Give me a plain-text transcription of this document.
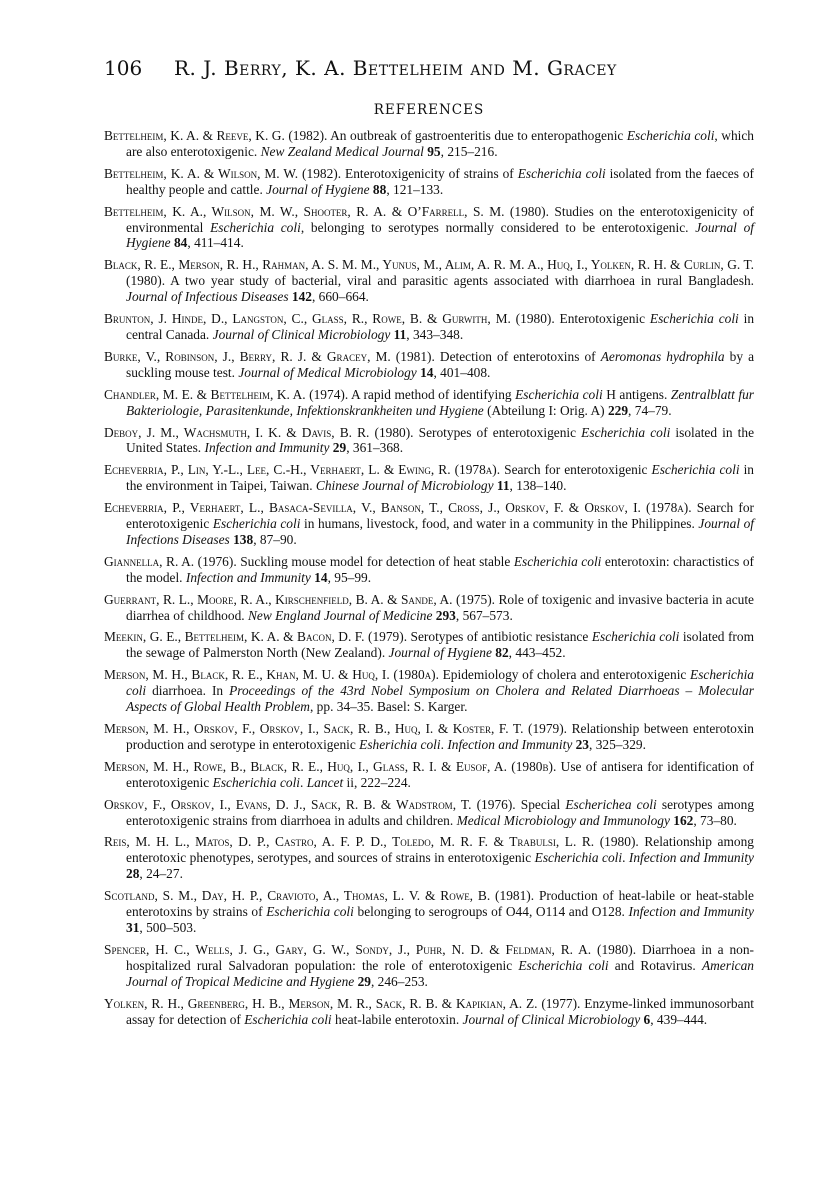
106 R. J. Berry, K. A. Bettelheim and M. Gracey
REFERENCES

Bettelheim, K. A. & Reeve, K. G. (1982). An outbreak of gastroenteritis due to enteropathogenic Escherichia coli, which are also enterotoxigenic. New Zealand Medical Journal 95, 215–216.

Bettelheim, K. A. & Wilson, M. W. (1982). Enterotoxigenicity of strains of Escherichia coli isolated from the faeces of healthy people and cattle. Journal of Hygiene 88, 121–133.

Bettelheim, K. A., Wilson, M. W., Shooter, R. A. & O’Farrell, S. M. (1980). Studies on the enterotoxigenicity of environmental Escherichia coli, belonging to serotypes normally considered to be enterotoxigenic. Journal of Hygiene 84, 411–414.

Black, R. E., Merson, R. H., Rahman, A. S. M. M., Yunus, M., Alim, A. R. M. A., Huq, I., Yolken, R. H. & Curlin, G. T. (1980). A two year study of bacterial, viral and parasitic agents associated with diarrhoea in rural Bangladesh. Journal of Infectious Diseases 142, 660–664.

Brunton, J. Hinde, D., Langston, C., Glass, R., Rowe, B. & Gurwith, M. (1980). Enterotoxigenic Escherichia coli in central Canada. Journal of Clinical Microbiology 11, 343–348.

Burke, V., Robinson, J., Berry, R. J. & Gracey, M. (1981). Detection of enterotoxins of Aeromonas hydrophila by a suckling mouse test. Journal of Medical Microbiology 14, 401–408.

Chandler, M. E. & Bettelheim, K. A. (1974). A rapid method of identifying Escherichia coli H antigens. Zentralblatt fur Bakteriologie, Parasitenkunde, Infektionskrankheiten und Hygiene (Abteilung I: Orig. A) 229, 74–79.

Deboy, J. M., Wachsmuth, I. K. & Davis, B. R. (1980). Serotypes of enterotoxigenic Escherichia coli isolated in the United States. Infection and Immunity 29, 361–368.

Echeverria, P., Lin, Y.-L., Lee, C.-H., Verhaert, L. & Ewing, R. (1978a). Search for enterotoxigenic Escherichia coli in the environment in Taipei, Taiwan. Chinese Journal of Microbiology 11, 138–140.

Echeverria, P., Verhaert, L., Basaca-Sevilla, V., Banson, T., Cross, J., Orskov, F. & Orskov, I. (1978a). Search for enterotoxigenic Escherichia coli in humans, livestock, food, and water in a community in the Philippines. Journal of Infections Diseases 138, 87–90.

Giannella, R. A. (1976). Suckling mouse model for detection of heat stable Escherichia coli enterotoxin: charactistics of the model. Infection and Immunity 14, 95–99.

Guerrant, R. L., Moore, R. A., Kirschenfield, B. A. & Sande, A. (1975). Role of toxigenic and invasive bacteria in acute diarrhea of childhood. New England Journal of Medicine 293, 567–573.

Meekin, G. E., Bettelheim, K. A. & Bacon, D. F. (1979). Serotypes of antibiotic resistance Escherichia coli isolated from the sewage of Palmerston North (New Zealand). Journal of Hygiene 82, 443–452.

Merson, M. H., Black, R. E., Khan, M. U. & Huq, I. (1980a). Epidemiology of cholera and enterotoxigenic Escherichia coli diarrhoea. In Proceedings of the 43rd Nobel Symposium on Cholera and Related Diarrhoeas – Molecular Aspects of Global Health Problem, pp. 34–35. Basel: S. Karger.

Merson, M. H., Orskov, F., Orskov, I., Sack, R. B., Huq, I. & Koster, F. T. (1979). Relationship between enterotoxin production and serotype in enterotoxigenic Esherichia coli. Infection and Immunity 23, 325–329.

Merson, M. H., Rowe, B., Black, R. E., Huq, I., Glass, R. I. & Eusof, A. (1980b). Use of antisera for identification of enterotoxigenic Escherichia coli. Lancet ii, 222–224.

Orskov, F., Orskov, I., Evans, D. J., Sack, R. B. & Wadstrom, T. (1976). Special Escherichea coli serotypes among enterotoxigenic strains from diarrhoea in adults and children. Medical Microbiology and Immunology 162, 73–80.

Reis, M. H. L., Matos, D. P., Castro, A. F. P. D., Toledo, M. R. F. & Trabulsi, L. R. (1980). Relationship among enterotoxic phenotypes, serotypes, and sources of strains in enterotoxigenic Escherichia coli. Infection and Immunity 28, 24–27.

Scotland, S. M., Day, H. P., Cravioto, A., Thomas, L. V. & Rowe, B. (1981). Production of heat-labile or heat-stable enterotoxins by strains of Escherichia coli belonging to serogroups of O44, O114 and O128. Infection and Immunity 31, 500–503.

Spencer, H. C., Wells, J. G., Gary, G. W., Sondy, J., Puhr, N. D. & Feldman, R. A. (1980). Diarrhoea in a non-hospitalized rural Salvadoran population: the role of enterotoxigenic Escherichia coli and Rotavirus. American Journal of Tropical Medicine and Hygiene 29, 246–253.

Yolken, R. H., Greenberg, H. B., Merson, M. R., Sack, R. B. & Kapikian, A. Z. (1977). Enzyme-linked immunosorbant assay for detection of Escherichia coli heat-labile enterotoxin. Journal of Clinical Microbiology 6, 439–444.
